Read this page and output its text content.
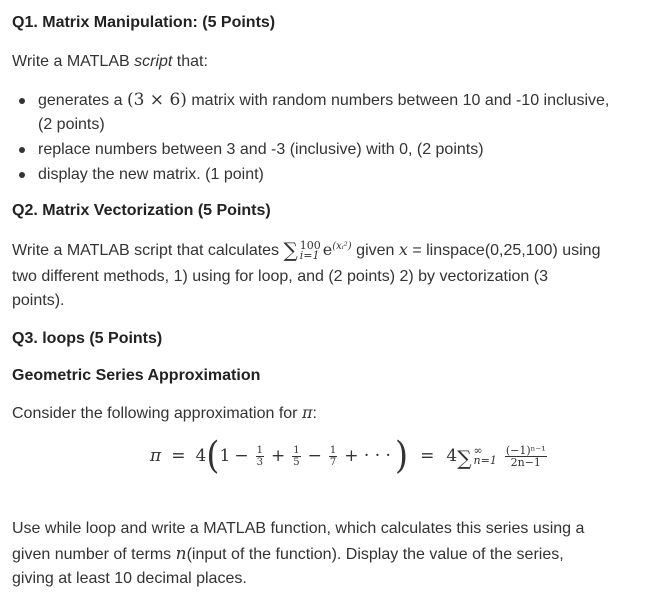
Q1. Matrix Manipulation: (5 Points)
Write a MATLAB script that:
generates a (3 × 6) matrix with random numbers between 10 and -10 inclusive,
(2 points)
replace numbers between 3 and -3 (inclusive) with 0, (2 points)
display the new matrix. (1 point)
Q2. Matrix Vectorization (5 Points)
Write a MATLAB script that calculates ∑ 100
i=1 $e^{(xᵢ^2)}$ given x = linspace(0,25,100) using
two different methods, 1) using for loop, and (2 points) 2) by vectorization (3
points).
Q3. loops (5 Points)
Geometric Series Approximation
Consider the following approximation for π:
π = 4 ( $1 - \frac{1}{3} + \frac{1}{5} - \frac{1}{7}$ + · · · ) = 4 ∑ ∞
$n=1 \frac{\text{(−1)ⁿ⁻¹}}{2n-1}$
Use while loop and write a MATLAB function, which calculates this series using a
given number of terms n(input of the function). Display the value of the series,
giving at least 10 decimal places.
